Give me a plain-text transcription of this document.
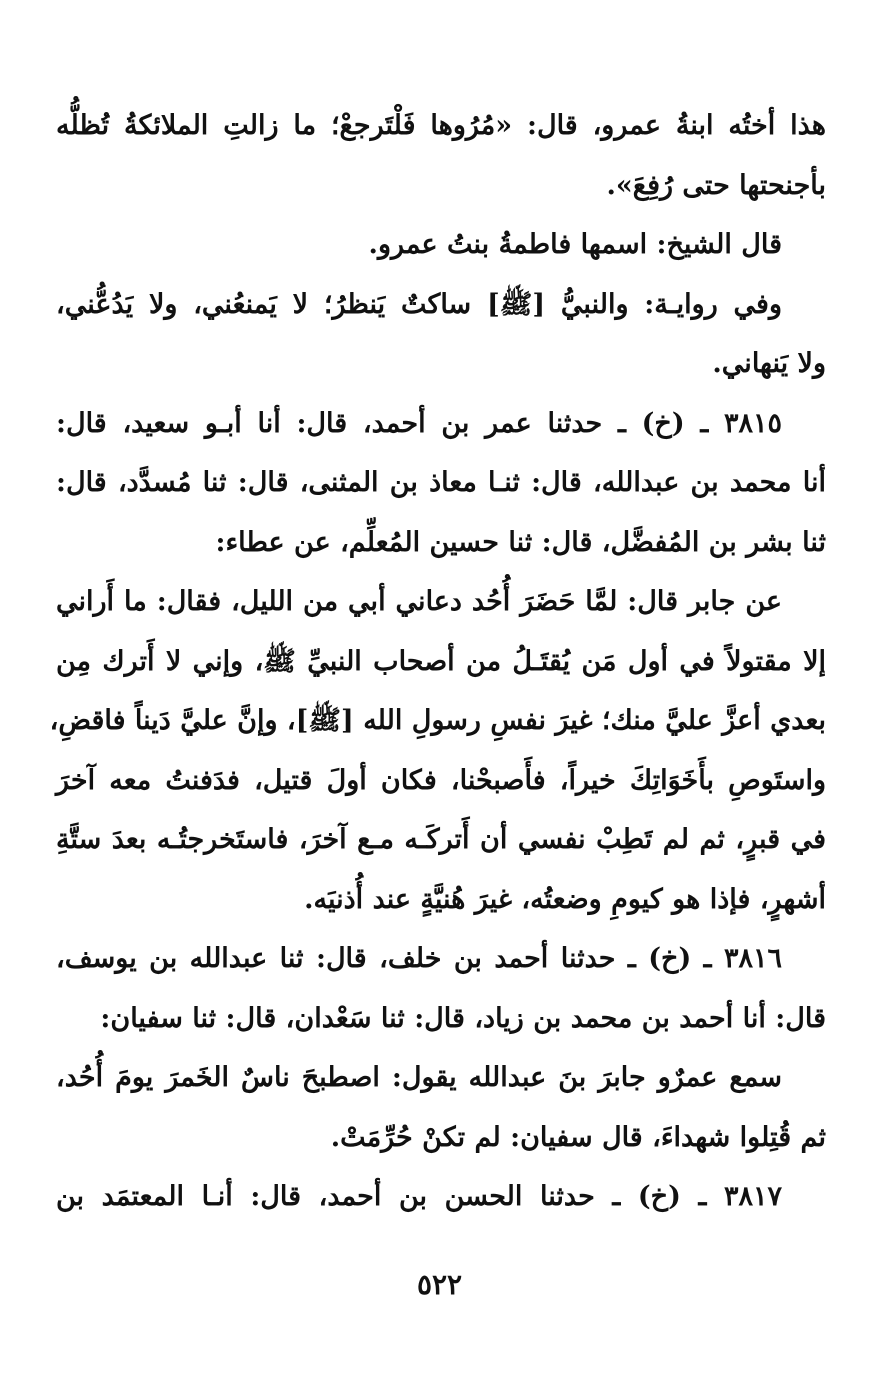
هذا أختُه ابنةُ عمرو، قال: «مُرُوها فَلْتَرجعْ؛ ما زالتِ الملائكةُ تُظلُّه
بأجنحتها حتى رُفِعَ».
قال الشيخ: اسمها فاطمةُ بنتُ عمرو.
وفي روايـة: والنبيُّ [ﷺ] ساكتٌ يَنظرُ؛ لا يَمنعُني، ولا يَدُعُّني،
ولا يَنهاني.
٣٨١٥ ـ (خ) ـ حدثنا عمر بن أحمد، قال: أنا أبـو سعيد، قال:
أنا محمد بن عبدالله، قال: ثنـا معاذ بن المثنى، قال: ثنا مُسدَّد، قال:
ثنا بشر بن المُفضَّل، قال: ثنا حسين المُعلِّم، عن عطاء:
عن جابر قال: لمَّا حَضَرَ أُحُد دعاني أبي من الليل، فقال: ما أَراني
إلا مقتولاً في أول مَن يُقتَـلُ من أصحاب النبيِّ ﷺ، وإني لا أَترك مِن
بعدي أعزَّ عليَّ منك؛ غيرَ نفسِ رسولِ الله [ﷺ]، وإنَّ عليَّ دَيناً فاقضِ،
واستَوصِ بأَخَوَاتِكَ خيراً، فأَصبحْنا، فكان أولَ قتيل، فدَفنتُ معه آخرَ
في قبرٍ، ثم لم تَطِبْ نفسي أن أَتركَـه مـع آخرَ، فاستَخرجتُـه بعدَ ستَّةِ
أشهرٍ، فإذا هو كيومِ وضعتُه، غيرَ هُنيَّةٍ عند أُذنيَه.
٣٨١٦ ـ (خ) ـ حدثنا أحمد بن خلف، قال: ثنا عبدالله بن يوسف،
قال: أنا أحمد بن محمد بن زياد، قال: ثنا سَعْدان، قال: ثنا سفيان:
سمع عمرٌو جابرَ بنَ عبدالله يقول: اصطبحَ ناسٌ الخَمرَ يومَ أُحُد،
ثم قُتِلوا شهداءَ، قال سفيان: لم تكنْ حُرِّمَتْ.
٣٨١٧ ـ (خ) ـ حدثنا الحسن بن أحمد، قال: أنـا المعتمَد بن
٥٢٢
